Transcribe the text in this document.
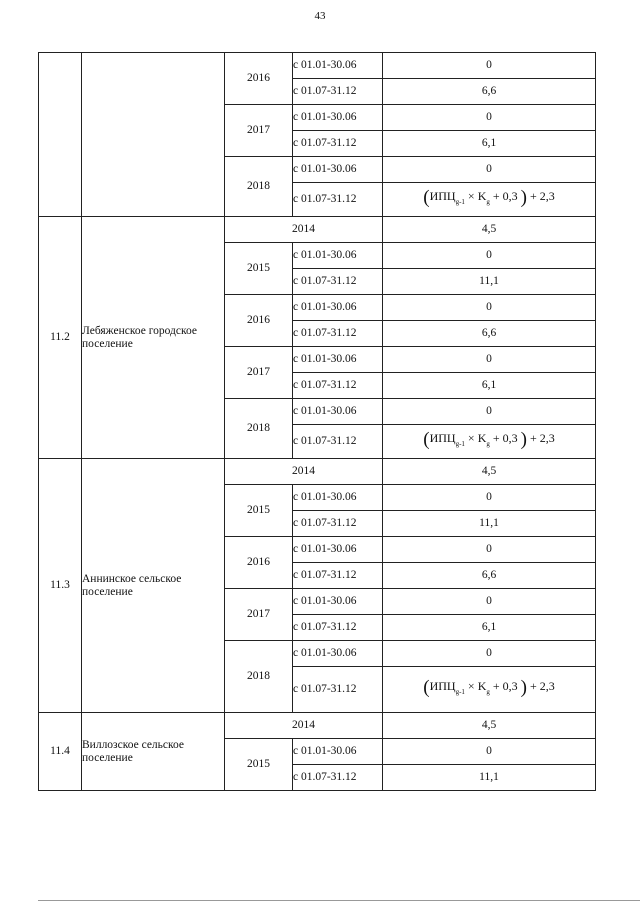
43
		2016	с 01.01-30.06	0
			с 01.07-31.12	6,6
		2017	с 01.01-30.06	0
			с 01.07-31.12	6,1
		2018	с 01.01-30.06	0
			с 01.07-31.12	($ИПЦ_{g-1} \times K_g + 0,3$ ) + 2,3
11.2	Лебяженское городское поселение	2014		4,5
		2015	с 01.01-30.06	0
			с 01.07-31.12	11,1
		2016	с 01.01-30.06	0
			с 01.07-31.12	6,6
		2017	с 01.01-30.06	0
			с 01.07-31.12	6,1
		2018	с 01.01-30.06	0
			с 01.07-31.12	($ИПЦ_{g-1} \times K_g + 0,3$ ) + 2,3
11.3	Аннинское сельское поселение	2014		4,5
		2015	с 01.01-30.06	0
			с 01.07-31.12	11,1
		2016	с 01.01-30.06	0
			с 01.07-31.12	6,6
		2017	с 01.01-30.06	0
			с 01.07-31.12	6,1
		2018	с 01.01-30.06	0
			с 01.07-31.12	($ИПЦ_{g-1} \times K_g + 0,3$ ) + 2,3
11.4	Виллозское сельское поселение	2014		4,5
		2015	с 01.01-30.06	0
			с 01.07-31.12	11,1
